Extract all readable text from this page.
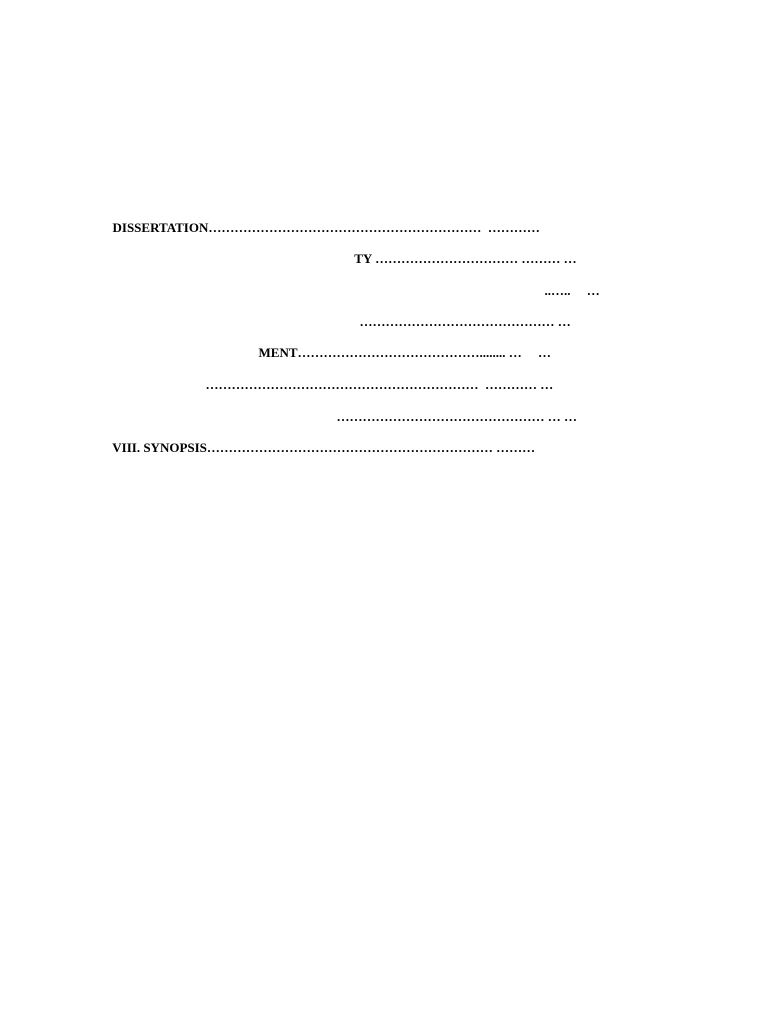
DISSERTATION………………………………………………………  …………

TY …………………………… ……… …

..…..     …

……………………………………… …

MENT……………………………………........ …     …

………………………………………………………  ………… …

………………………………………… … …

VIII. SYNOPSIS………………………………………………………… ………
